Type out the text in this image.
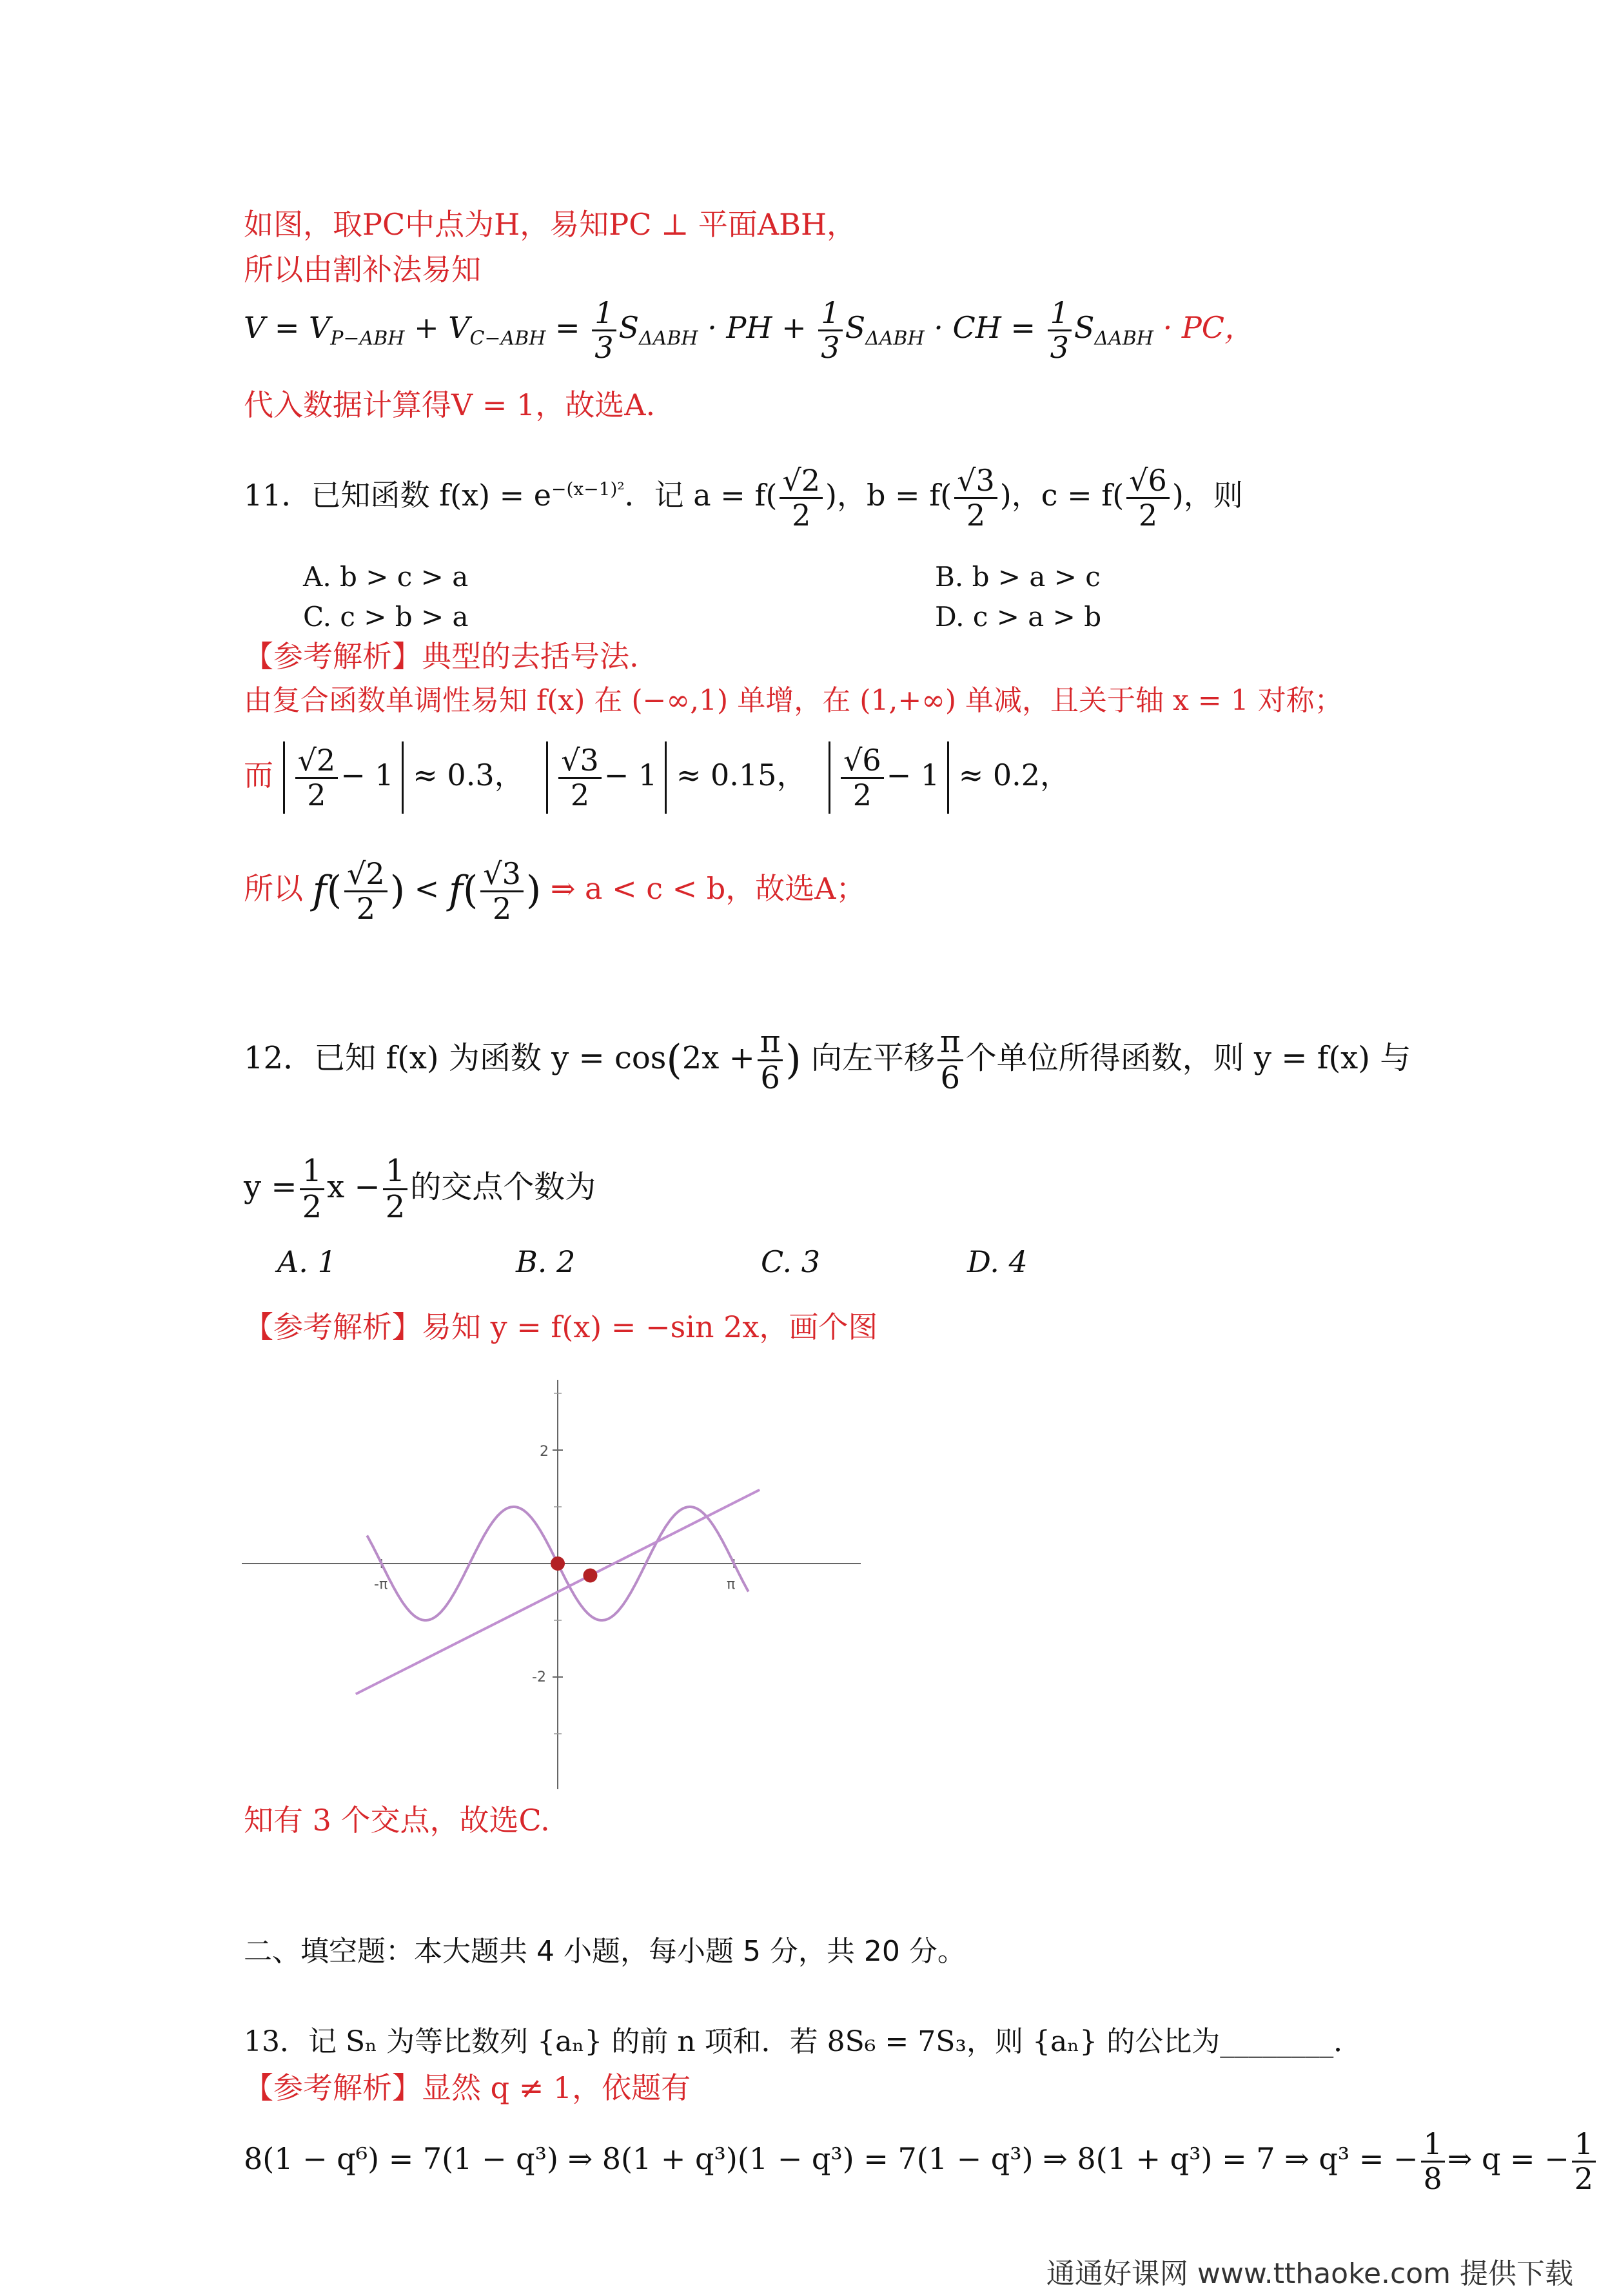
如图，取PC中点为H，易知PC ⊥ 平面ABH，
所以由割补法易知
$V = V_{P-ABH} + V_{C-ABH} = \frac{1}{3} S_{\Delta ABH}$ · PH + $\frac{1}{3} S_{\Delta ABH}$ · CH = $\frac{1}{3} S_{\Delta ABH}$ · PC，
代入数据计算得V = 1，故选A.
11．已知函数 $f(x) = e^{-(x-1)^2}$．记 $a = f( \frac{√2}{2}$ )，$b = f( \frac{√3}{2}$ )，$c = f( \frac{√6}{2}$ )，则
A. b > c > a	B. b > a > c
C. c > b > a	D. c > a > b
【参考解析】典型的去括号法.
由复合函数单调性易知 f(x) 在 (−∞,1) 单增，在 (1,+∞) 单减，且关于轴 x = 1 对称；
而 $\frac{√2}{2} - 1 \approx 0.3$， $\frac{√3}{2} - 1 \approx 0.15$， $\frac{√6}{2} - 1 \approx 0.2$，
所以 $f( \frac{√2}{2}$ ) < $f( \frac{√3}{2}$ ) ⇒ a < c < b，故选A；
12．已知 f(x) 为函数 $y = \cos(2x + \frac{\pi}{6}$ ) 向左平移 $\frac{\pi}{6}$ 个单位所得函数，则 y = f(x) 与
$y = \frac{1}{2}$ $x - \frac{1}{2}$ 的交点个数为
A. 1	B. 2	C. 3	D. 4
【参考解析】易知 y = f(x) = −sin 2x，画个图
2
-2
π
-π
知有 3 个交点，故选C.
二、填空题：本大题共 4 小题，每小题 5 分，共 20 分。
13．记 Sₙ 为等比数列 {aₙ} 的前 n 项和．若 8S₆ = 7S₃，则 {aₙ} 的公比为________．
【参考解析】显然 q ≠ 1，依题有
8(1 − q⁶) = 7(1 − q³) ⇒ 8(1 + q³)(1 − q³) = 7(1 − q³) ⇒ 8(1 + q³) = 7 ⇒ q³ = − $\frac{1}{8}$ ⇒ q = − $\frac{1}{2}$
通通好课网 www.tthaoke.com 提供下载
